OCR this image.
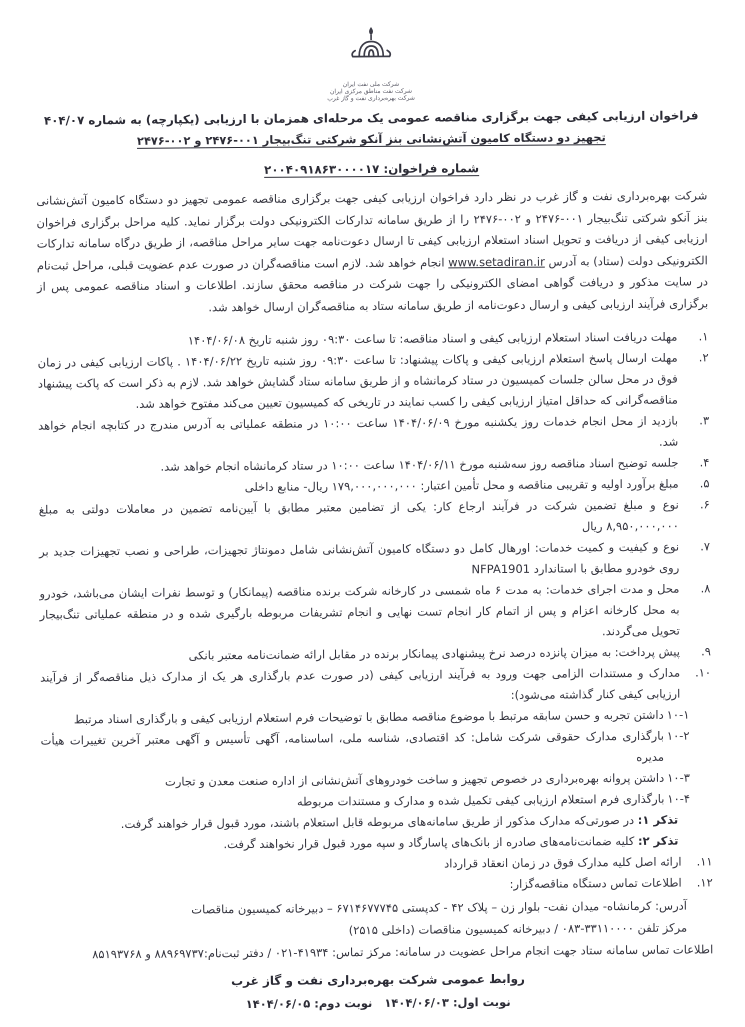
شرکت ملی نفت ایران
شرکت نفت مناطق مرکزی ایران
شرکت بهره‌برداری نفت و گاز غرب
فراخوان ارزیابی کیفی جهت برگزاری مناقصه عمومی یک مرحله‌ای همزمان با ارزیابی (یکپارچه) به شماره ۴۰۴/۰۷
تجهیز دو دستگاه کامیون آتش‌نشانی بنز آنکو شرکتی تنگ‌بیجار ‎۲۴۷۶-۰۰۱‎ و ‎۲۴۷۶-۰۰۲‎
شماره فراخوان: ۲۰۰۴۰۹۱۸۶۳۰۰۰۰۱۷

شرکت بهره‌برداری نفت و گاز غرب در نظر دارد فراخوان ارزیابی کیفی جهت برگزاری مناقصه عمومی تجهیز دو دستگاه کامیون آتش‌نشانی بنز آنکو شرکتی تنگ‌بیجار ‎۲۴۷۶-۰۰۱‎ و ‎۲۴۷۶-۰۰۲‎ را از طریق سامانه تدارکات الکترونیکی دولت برگزار نماید. کلیه مراحل برگزاری فراخوان ارزیابی کیفی از دریافت و تحویل اسناد استعلام ارزیابی کیفی تا ارسال دعوت‌نامه جهت سایر مراحل مناقصه، از طریق درگاه سامانه تدارکات الکترونیکی دولت (ستاد) به آدرس www.setadiran.ir انجام خواهد شد. لازم است مناقصه‌گران در صورت عدم عضویت قبلی، مراحل ثبت‌نام در سایت مذکور و دریافت گواهی امضای الکترونیکی را جهت شرکت در مناقصه محقق سازند. اطلاعات و اسناد مناقصه عمومی پس از برگزاری فرآیند ارزیابی کیفی و ارسال دعوت‌نامه از طریق سامانه ستاد به مناقصه‌گران ارسال خواهد شد.

۱.
مهلت دریافت اسناد استعلام ارزیابی کیفی و اسناد مناقصه: تا ساعت ۰۹:۳۰ روز شنبه تاریخ ۱۴۰۴/۰۶/۰۸
۲.
مهلت ارسال پاسخ استعلام ارزیابی کیفی و پاکات پیشنهاد: تا ساعت ۰۹:۳۰ روز شنبه تاریخ ۱۴۰۴/۰۶/۲۲ . پاکات ارزیابی کیفی در زمان فوق در محل سالن جلسات کمیسیون در ستاد کرمانشاه و از طریق سامانه ستاد گشایش خواهد شد. لازم به ذکر است که پاکت پیشنهاد مناقصه‌گرانی که حداقل امتیاز ارزیابی کیفی را کسب نمایند در تاریخی که کمیسیون تعیین می‌کند مفتوح خواهد شد.
۳.
بازدید از محل انجام خدمات روز یکشنبه مورخ ۱۴۰۴/۰۶/۰۹ ساعت ۱۰:۰۰ در منطقه عملیاتی به آدرس مندرج در کتابچه انجام خواهد شد.
۴.
جلسه توضیح اسناد مناقصه روز سه‌شنبه مورخ ۱۴۰۴/۰۶/۱۱ ساعت ۱۰:۰۰ در ستاد کرمانشاه انجام خواهد شد.
۵.
مبلغ برآورد اولیه و تقریبی مناقصه و محل تأمین اعتبار: ۱۷۹,۰۰۰,۰۰۰,۰۰۰ ریال- منابع داخلی
۶.
نوع و مبلغ تضمین شرکت در فرآیند ارجاع کار: یکی از تضامین معتبر مطابق با آیین‌نامه تضمین در معاملات دولتی به مبلغ ۸,۹۵۰,۰۰۰,۰۰۰ ریال
۷.
نوع و کیفیت و کمیت خدمات: اورهال کامل دو دستگاه کامیون آتش‌نشانی شامل دمونتاژ تجهیزات، طراحی و نصب تجهیزات جدید بر روی خودرو مطابق با استاندارد NFPA1901
۸.
محل و مدت اجرای خدمات: به مدت ۶ ماه شمسی در کارخانه شرکت برنده مناقصه (پیمانکار) و توسط نفرات ایشان می‌باشد، خودرو به محل کارخانه اعزام و پس از اتمام کار انجام تست نهایی و انجام تشریفات مربوطه بارگیری شده و در منطقه عملیاتی تنگ‌بیجار تحویل می‌گردند.
۹.
پیش پرداخت: به میزان پانزده درصد نرخ پیشنهادی پیمانکار برنده در مقابل ارائه ضمانت‌نامه معتبر بانکی
۱۰.
مدارک و مستندات الزامی جهت ورود به فرآیند ارزیابی کیفی (در صورت عدم بارگذاری هر یک از مدارک ذیل مناقصه‌گر از فرآیند ارزیابی کیفی کنار گذاشته می‌شود):
‎۱۰-۱‎
داشتن تجربه و حسن سابقه مرتبط با موضوع مناقصه مطابق با توضیحات فرم استعلام ارزیابی کیفی و بارگذاری اسناد مرتبط
‎۱۰-۲‎
بارگذاری مدارک حقوقی شرکت شامل: کد اقتصادی، شناسه ملی، اساسنامه، آگهی تأسیس و آگهی معتبر آخرین تغییرات هیأت مدیره
‎۱۰-۳‎
داشتن پروانه بهره‌برداری در خصوص تجهیز و ساخت خودروهای آتش‌نشانی از اداره صنعت معدن و تجارت
‎۱۰-۴‎
بارگذاری فرم استعلام ارزیابی کیفی تکمیل شده و مدارک و مستندات مربوطه
تذکر ۱: در صورتی‌که مدارک مذکور از طریق سامانه‌های مربوطه قابل استعلام باشند، مورد قبول قرار خواهند گرفت.
تذکر ۲: کلیه ضمانت‌نامه‌های صادره از بانک‌های پاسارگاد و سپه مورد قبول قرار نخواهند گرفت.
۱۱.
ارائه اصل کلیه مدارک فوق در زمان انعقاد قرارداد
۱۲.
اطلاعات تماس دستگاه مناقصه‌گزار:
آدرس: کرمانشاه- میدان نفت- بلوار زن – پلاک ۴۲ - کدپستی ۶۷۱۴۶۷۷۷۴۵ – دبیرخانه کمیسیون مناقصات
مرکز تلفن ۳۳۱۱۰۰۰۰-۰۸۳ / دبیرخانه کمیسیون مناقصات (داخلی ۲۵۱۵)
اطلاعات تماس سامانه ستاد جهت انجام مراحل عضویت در سامانه: مرکز تماس: ۴۱۹۳۴-۰۲۱ / دفتر ثبت‌نام:۸۸۹۶۹۷۳۷ و ۸۵۱۹۳۷۶۸
روابط عمومی شرکت بهره‌برداری نفت و گاز غرب
نوبت اول: ۱۴۰۴/۰۶/۰۳   نوبت دوم: ۱۴۰۴/۰۶/۰۵
